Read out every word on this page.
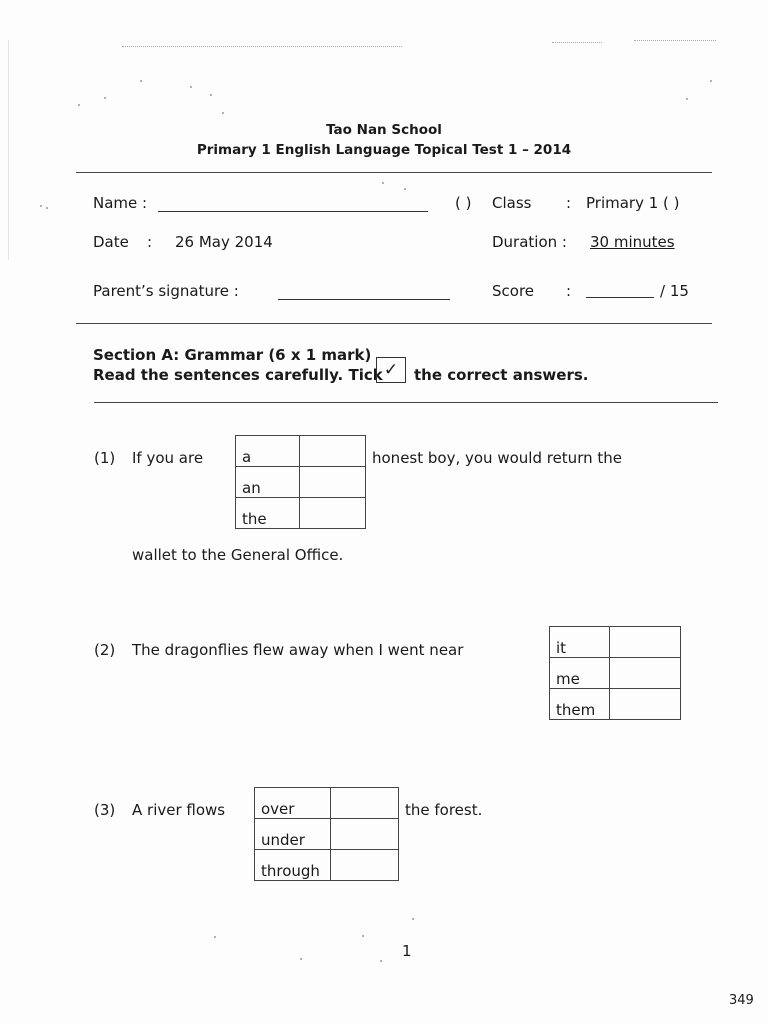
Tao Nan School
Primary 1 English Language Topical Test 1 – 2014
Name :	( ) Class : Primary 1 ( )
Date : 26 May 2014	Duration : 30 minutes
Parent’s signature :	Score :	/ 15
Section A: Grammar (6 x 1 mark)
Read the sentences carefully. Tick ✓	the correct answers.
(1) If you are	a	
an	
the	
honest boy, you would return the
wallet to the General Office.
(2) The dragonflies flew away when I went near	it	
me	
them	
(3) A river flows over	
under	
through	
the forest.
1
349
